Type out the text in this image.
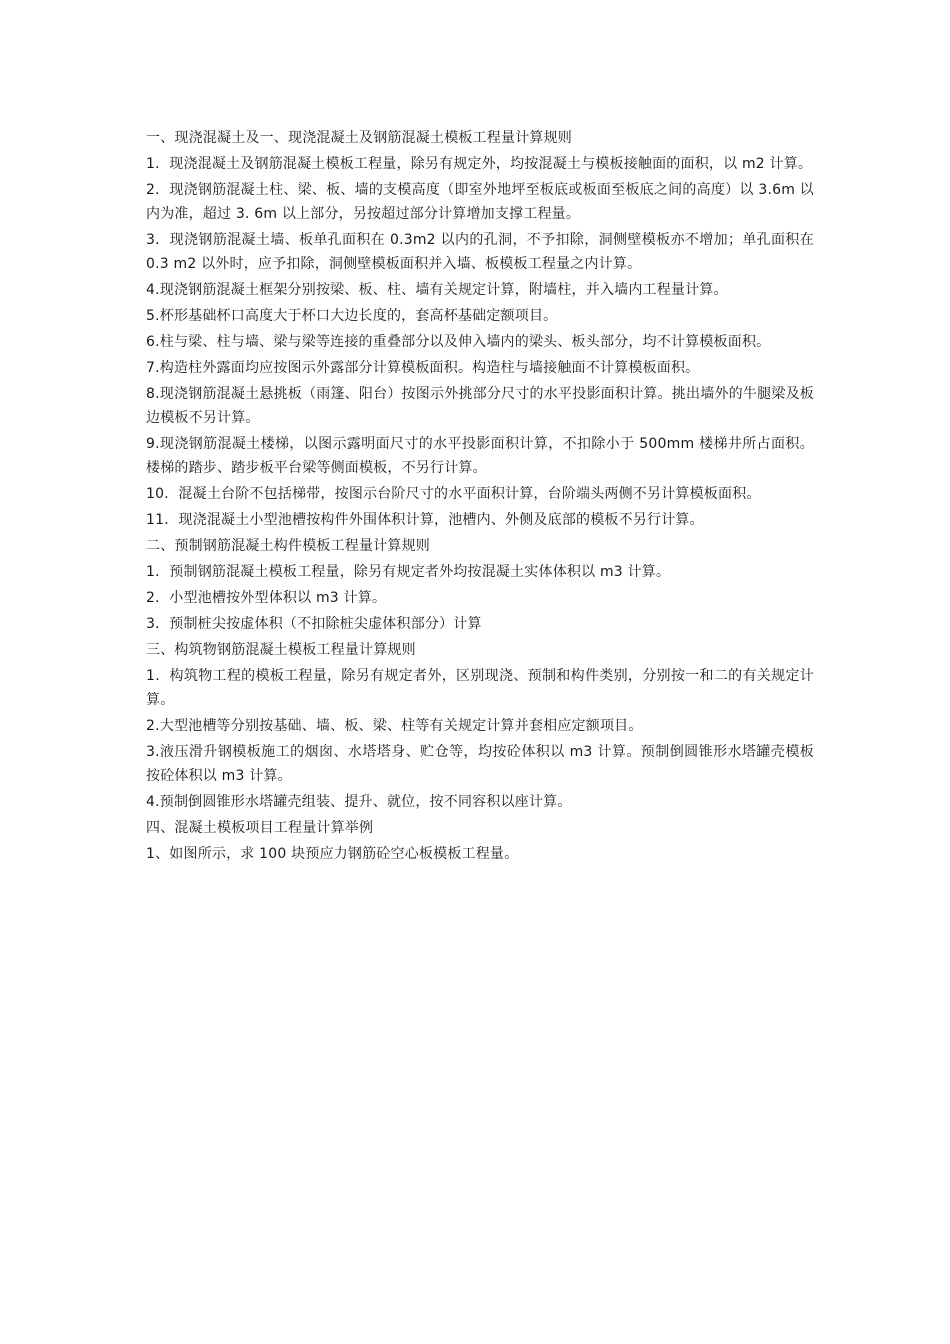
一、现浇混凝土及一、现浇混凝土及钢筋混凝土模板工程量计算规则

1．现浇混凝土及钢筋混凝土模板工程量，除另有规定外，均按混凝土与模板接触面的面积，以 m2 计算。

2．现浇钢筋混凝土柱、梁、板、墙的支模高度（即室外地坪至板底或板面至板底之间的高度）以 3.6m 以内为准，超过 3. 6m 以上部分，另按超过部分计算增加支撑工程量。

3．现浇钢筋混凝土墙、板单孔面积在 0.3m2 以内的孔洞，不予扣除，洞侧壁模板亦不增加；单孔面积在 0.3 m2 以外时，应予扣除，洞侧壁模板面积并入墙、板模板工程量之内计算。

4.现浇钢筋混凝土框架分别按梁、板、柱、墙有关规定计算，附墙柱，并入墙内工程量计算。

5.杯形基础杯口高度大于杯口大边长度的，套高杯基础定额项目。

6.柱与梁、柱与墙、梁与梁等连接的重叠部分以及伸入墙内的梁头、板头部分，均不计算模板面积。

7.构造柱外露面均应按图示外露部分计算模板面积。构造柱与墙接触面不计算模板面积。

8.现浇钢筋混凝土悬挑板（雨篷、阳台）按图示外挑部分尺寸的水平投影面积计算。挑出墙外的牛腿梁及板边模板不另计算。

9.现浇钢筋混凝土楼梯，以图示露明面尺寸的水平投影面积计算，不扣除小于 500mm 楼梯井所占面积。楼梯的踏步、踏步板平台梁等侧面模板，不另行计算。

10．混凝土台阶不包括梯带，按图示台阶尺寸的水平面积计算，台阶端头两侧不另计算模板面积。

11．现浇混凝土小型池槽按构件外围体积计算，池槽内、外侧及底部的模板不另行计算。

二、预制钢筋混凝土构件模板工程量计算规则

1．预制钢筋混凝土模板工程量，除另有规定者外均按混凝土实体体积以 m3 计算。

2．小型池槽按外型体积以 m3 计算。

3．预制桩尖按虚体积（不扣除桩尖虚体积部分）计算

三、构筑物钢筋混凝土模板工程量计算规则

1．构筑物工程的模板工程量，除另有规定者外，区别现浇、预制和构件类别，分别按一和二的有关规定计算。

2.大型池槽等分别按基础、墙、板、梁、柱等有关规定计算并套相应定额项目。

3.液压滑升钢模板施工的烟囱、水塔塔身、贮仓等，均按砼体积以 m3 计算。预制倒圆锥形水塔罐壳模板按砼体积以 m3 计算。

4.预制倒圆锥形水塔罐壳组装、提升、就位，按不同容积以座计算。

四、混凝土模板项目工程量计算举例

1、如图所示，求 100 块预应力钢筋砼空心板模板工程量。
